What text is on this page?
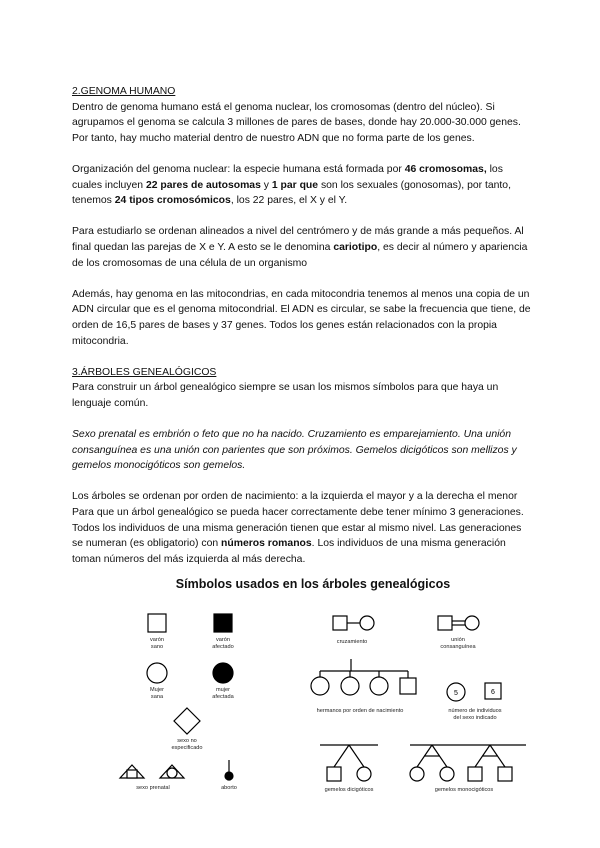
2.GENOMA HUMANO
Dentro de genoma humano está el genoma nuclear, los cromosomas (dentro del núcleo). Si agrupamos el genoma se calcula 3 millones de pares de bases, donde hay 20.000-30.000 genes. Por tanto, hay mucho material dentro de nuestro ADN que no forma parte de los genes.

Organización del genoma nuclear: la especie humana está formada por 46 cromosomas, los cuales incluyen 22 pares de autosomas y 1 par que son los sexuales (gonosomas), por tanto, tenemos 24 tipos cromosómicos, los 22 pares, el X y el Y.

Para estudiarlo se ordenan alineados a nivel del centrómero y de más grande a más pequeños. Al final quedan las parejas de X e Y. A esto se le denomina cariotipo, es decir al número y apariencia de los cromosomas de una célula de un organismo

Además, hay genoma en las mitocondrias, en cada mitocondria tenemos al menos una copia de un ADN circular que es el genoma mitocondrial. El ADN es circular, se sabe la frecuencia que tiene, de orden de 16,5 pares de bases y 37 genes. Todos los genes están relacionados con la propia mitocondria.

3.ÁRBOLES GENEALÓGICOS
Para construir un árbol genealógico siempre se usan los mismos símbolos para que haya un lenguaje común.

Sexo prenatal es embrión o feto que no ha nacido. Cruzamiento es emparejamiento. Una unión consanguínea es una unión con parientes que son próximos. Gemelos dicigóticos son mellizos y gemelos monocigóticos son gemelos.

Los árboles se ordenan por orden de nacimiento: a la izquierda el mayor y a la derecha el menor Para que un árbol genealógico se pueda hacer correctamente debe tener mínimo 3 generaciones. Todos los individuos de una misma generación tienen que estar al mismo nivel. Las generaciones se numeran (es obligatorio) con números romanos. Los individuos de una misma generación toman números del más izquierda al más derecha.

Símbolos usados en los árboles genealógicos
varón
sano
varón
afectado
Mujer
sana
mujer
afectada
sexo no
especificado
sexo prenatal	aborto
cruzamiento	unión
consanguínea
hermanos por orden de nacimiento
5	6
número de individuos
del sexo indicado
gemelos dicigóticos	gemelos monocigóticos
